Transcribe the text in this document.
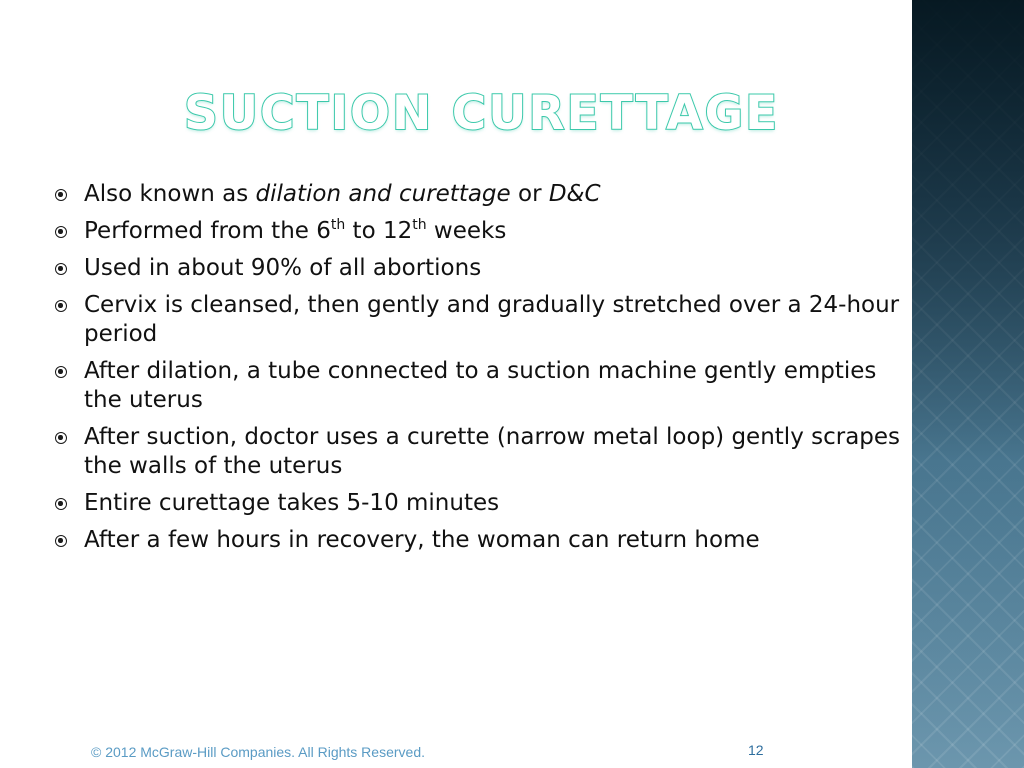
SUCTION CURETTAGE
Also known as dilation and curettage or D&C
Performed from the 6th to 12th weeks
Used in about 90% of all abortions
Cervix is cleansed, then gently and gradually stretched over a 24-hour period
After dilation, a tube connected to a suction machine gently empties the uterus
After suction, doctor uses a curette (narrow metal loop) gently scrapes the walls of the uterus
Entire curettage takes 5-10 minutes
After a few hours in recovery, the woman can return home
© 2012 McGraw-Hill Companies. All Rights Reserved.	12
